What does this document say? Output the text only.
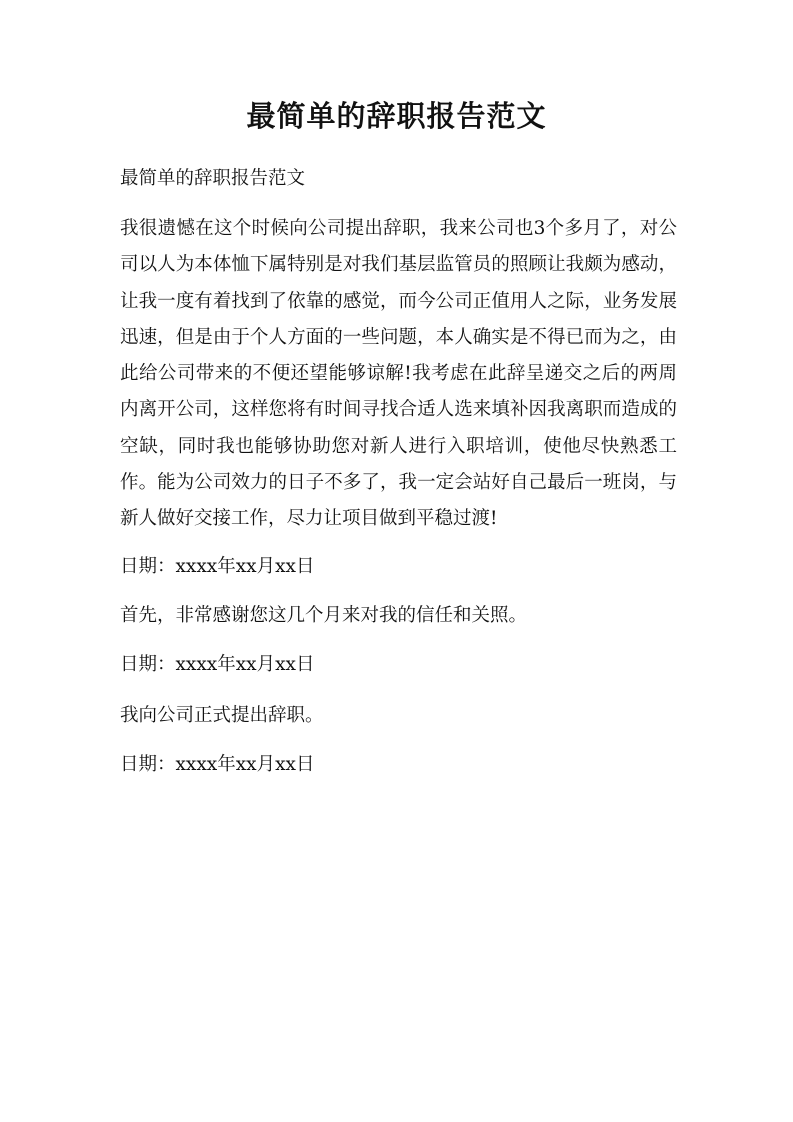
最简单的辞职报告范文

最简单的辞职报告范文

我很遗憾在这个时候向公司提出辞职，我来公司也3个多月了，对公司以人为本体恤下属特别是对我们基层监管员的照顾让我颇为感动，让我一度有着找到了依靠的感觉，而今公司正值用人之际，业务发展迅速，但是由于个人方面的一些问题，本人确实是不得已而为之，由此给公司带来的不便还望能够谅解!我考虑在此辞呈递交之后的两周内离开公司，这样您将有时间寻找合适人选来填补因我离职而造成的空缺，同时我也能够协助您对新人进行入职培训，使他尽快熟悉工作。能为公司效力的日子不多了，我一定会站好自己最后一班岗，与新人做好交接工作，尽力让项目做到平稳过渡!

日期：xxxx年xx月xx日

首先，非常感谢您这几个月来对我的信任和关照。

日期：xxxx年xx月xx日

我向公司正式提出辞职。

日期：xxxx年xx月xx日
